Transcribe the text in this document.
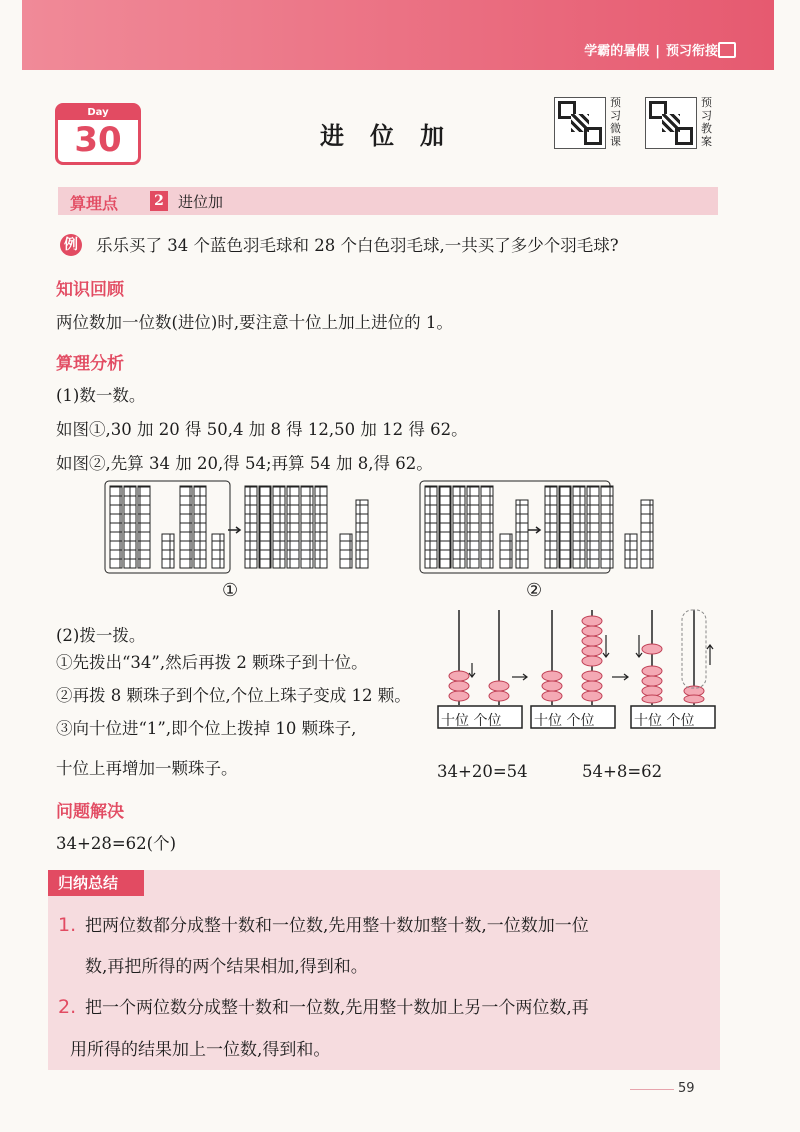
学霸的暑假 | 预习衔接
Day
30	进位加
预习微课
预习教案
算理点	2 进位加
例 乐乐买了 34 个蓝色羽毛球和 28 个白色羽毛球,一共买了多少个羽毛球?
知识回顾
两位数加一位数(进位)时,要注意十位上加上进位的 1。
算理分析
(1)数一数。
如图①,30 加 20 得 50,4 加 8 得 12,50 加 12 得 62。
如图②,先算 34 加 20,得 54;再算 54 加 8,得 62。
①	②
(2)拨一拨。
①先拨出“34”,然后再拨 2 颗珠子到十位。
②再拨 8 颗珠子到个位,个位上珠子变成 12 颗。
③向十位进“1”,即个位上拨掉 10 颗珠子,
十位上再增加一颗珠子。
十位 个位 十位 个位	十位 个位
34+20=54	54+8=62
问题解决
34+28=62(个)
归纳总结
1. 把两位数都分成整十数和一位数,先用整十数加整十数,一位数加一位
数,再把所得的两个结果相加,得到和。
2. 把一个两位数分成整十数和一位数,先用整十数加上另一个两位数,再
用所得的结果加上一位数,得到和。
59
